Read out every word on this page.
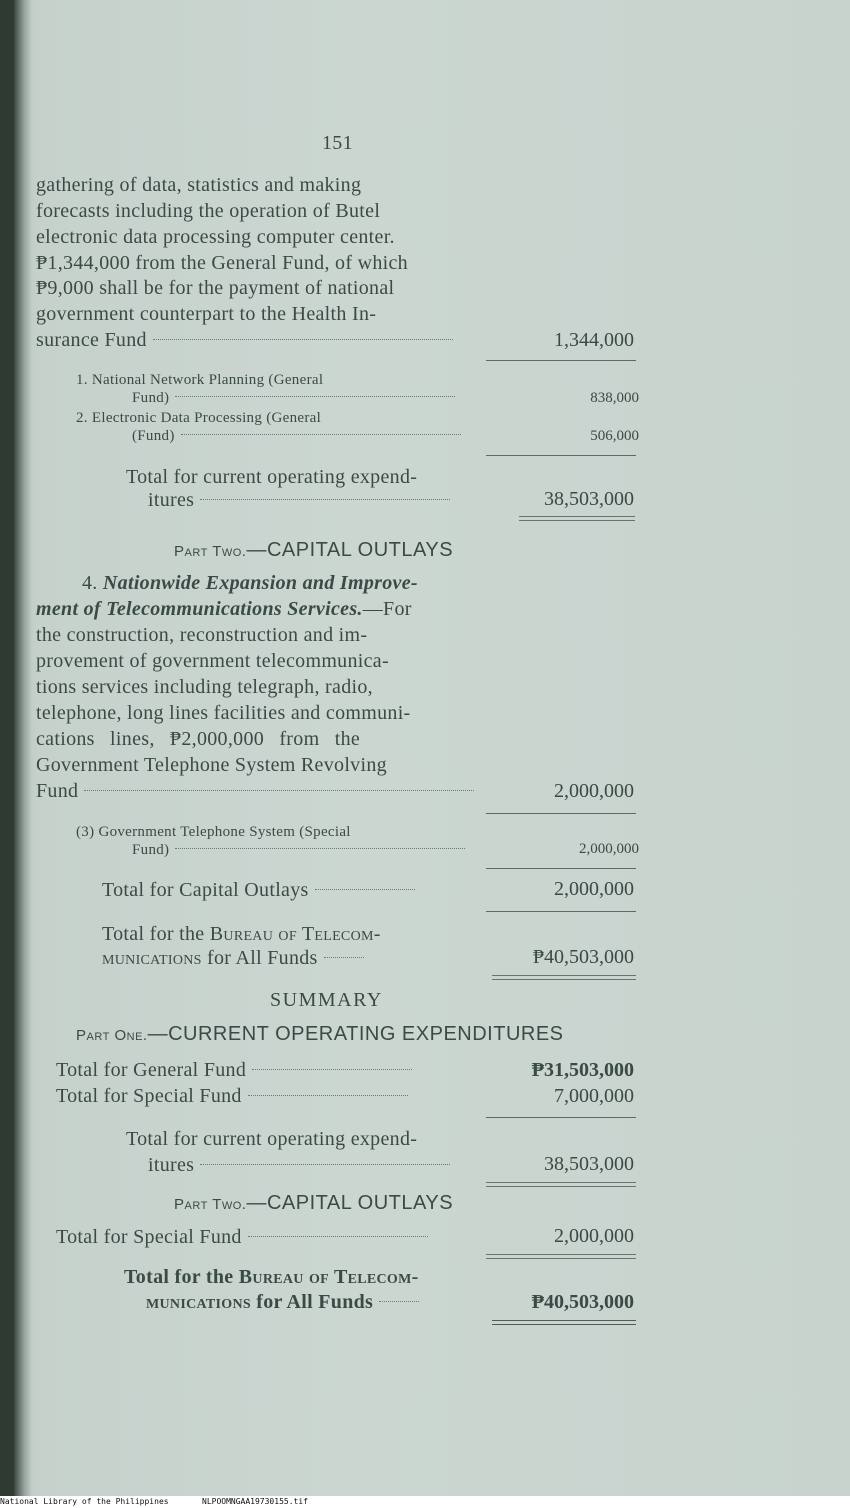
151
gathering of data, statistics and making
forecasts including the operation of Butel
electronic data processing computer center.
₱1,344,000 from the General Fund, of which
₱9,000 shall be for the payment of national
government counterpart to the Health In-
surance Fund	1,344,000
1. National Network Planning (General
Fund)	838,000
2. Electronic Data Processing (General
(Fund)	506,000
Total for current operating expend-
itures	38,503,000
Part Two.—CAPITAL OUTLAYS
4. Nationwide Expansion and Improve-
ment of Telecommunications Services.—For
the construction, reconstruction and im-
provement of government telecommunica-
tions services including telegraph, radio,
telephone, long lines facilities and communi-
cations lines, ₱2,000,000 from the
Government Telephone System Revolving
Fund	2,000,000
(3) Government Telephone System (Special
Fund)	2,000,000
Total for Capital Outlays	2,000,000
Total for the Bureau of Telecom-
munications for All Funds	₱40,503,000
SUMMARY
Part One.—CURRENT OPERATING EXPENDITURES
Total for General Fund	₱31,503,000
Total for Special Fund	7,000,000
Total for current operating expend-
itures	38,503,000
Part Two.—CAPITAL OUTLAYS
Total for Special Fund	2,000,000
Total for the Bureau of Telecom-
munications for All Funds	₱40,503,000
National Library of the Philippines	NLPOOMNGAA19730155.tif
